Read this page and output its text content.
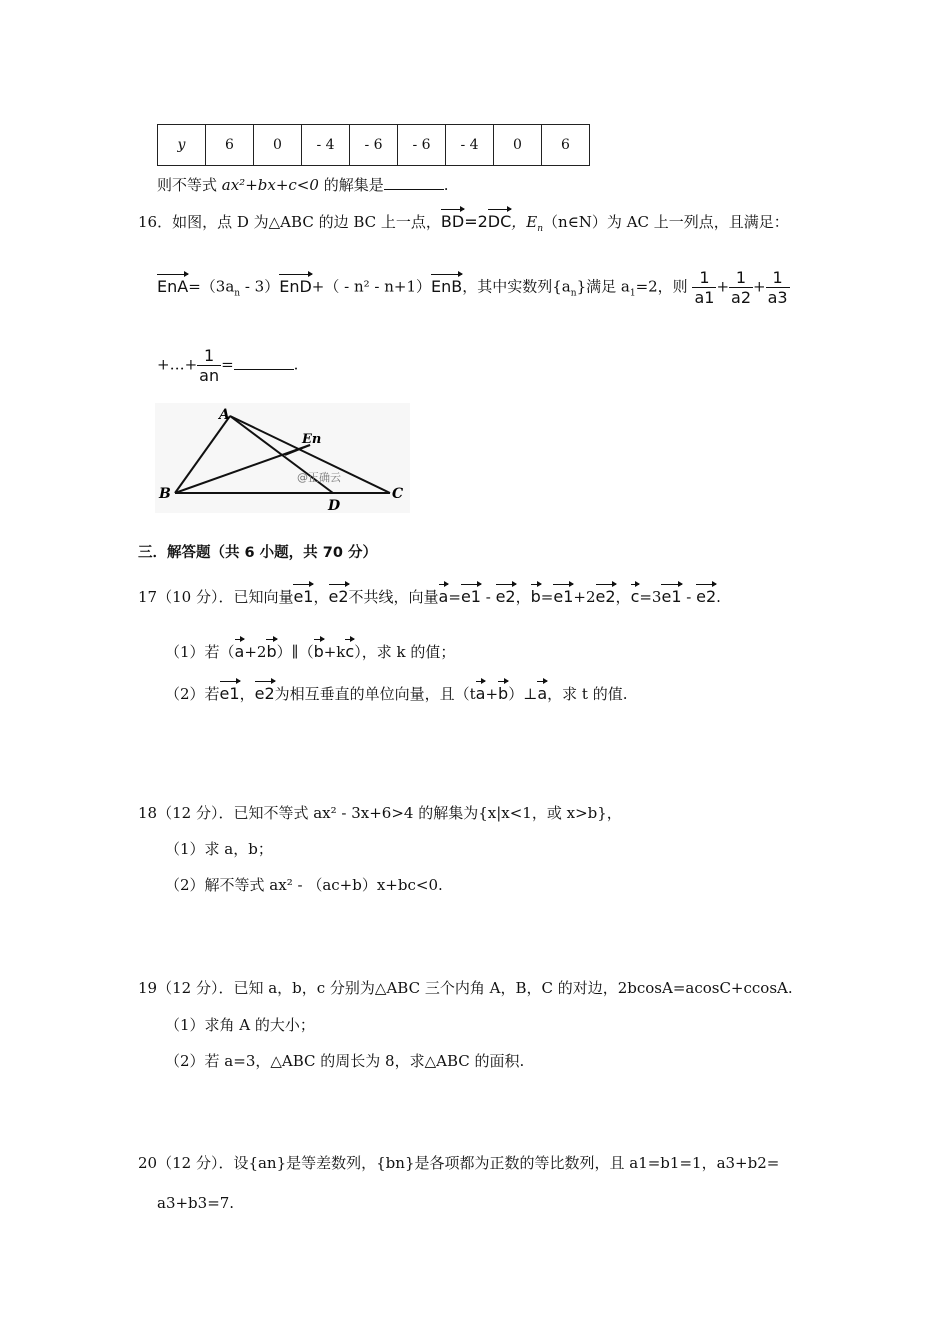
y	6	0	- 4	- 6	- 6	- 4	0	6
则不等式 ax²+bx+c<0 的解集是	.
16．如图，点 D 为△ABC 的边 BC 上一点，BD=2DC，$E_n(n\in N)$为 AC 上一列点，且满足：
$EnA=(3a_n - 3)EnD+( - n^2 - n+1)EnB$，其中实数列$\{a_n\}$满足 $a_1=2$，则 $\frac{1}{a1} + \frac{1}{a2} + \frac{1}{a3}$
+…+ $\frac{1}{an}$ =	.
A
B	C
D
En
@正确云
三．解答题（共 6 小题，共 70 分）
17（10 分）．已知向量e1，e2不共线，向量a=e1 - e2，b=e1+2e2，c=3e1 - e2.
（1）若（a+2b）∥（b+kc），求 k 的值；
（2）若e1，e2为相互垂直的单位向量，且（ta+b）⊥a，求 t 的值.
18（12 分）．已知不等式 ax² - 3x+6>4 的解集为{x|x<1，或 x>b}，
（1）求 a，b；
（2）解不等式 ax² - （ac+b）x+bc<0.
19（12 分）．已知 a，b，c 分别为△ABC 三个内角 A，B，C 的对边，2bcosA=acosC+ccosA.
（1）求角 A 的大小；
（2）若 a=3，△ABC 的周长为 8，求△ABC 的面积.
20（12 分）．设{an}是等差数列，{bn}是各项都为正数的等比数列，且 a1=b1=1，a3+b2=
a3+b3=7.
